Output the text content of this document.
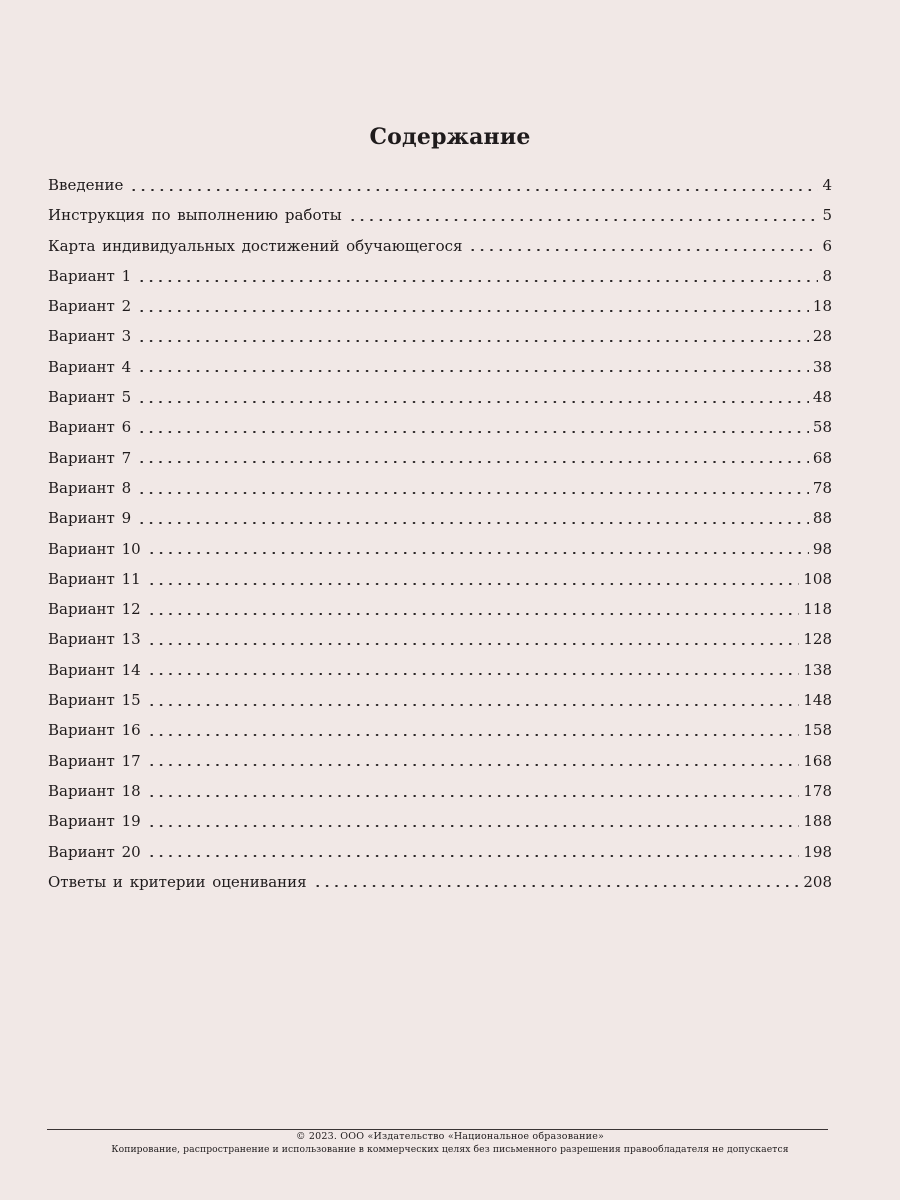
Содержание
Введение	4
Инструкция по выполнению работы	5
Карта индивидуальных достижений обучающегося	6
Вариант 1	8
Вариант 2	18
Вариант 3	28
Вариант 4	38
Вариант 5	48
Вариант 6	58
Вариант 7	68
Вариант 8	78
Вариант 9	88
Вариант 10	98
Вариант 11	108
Вариант 12	118
Вариант 13	128
Вариант 14	138
Вариант 15	148
Вариант 16	158
Вариант 17	168
Вариант 18	178
Вариант 19	188
Вариант 20	198
Ответы и критерии оценивания	208
© 2023. ООО «Издательство «Национальное образование»
Копирование, распространение и использование в коммерческих целях без письменного разрешения правообладателя не допускается
